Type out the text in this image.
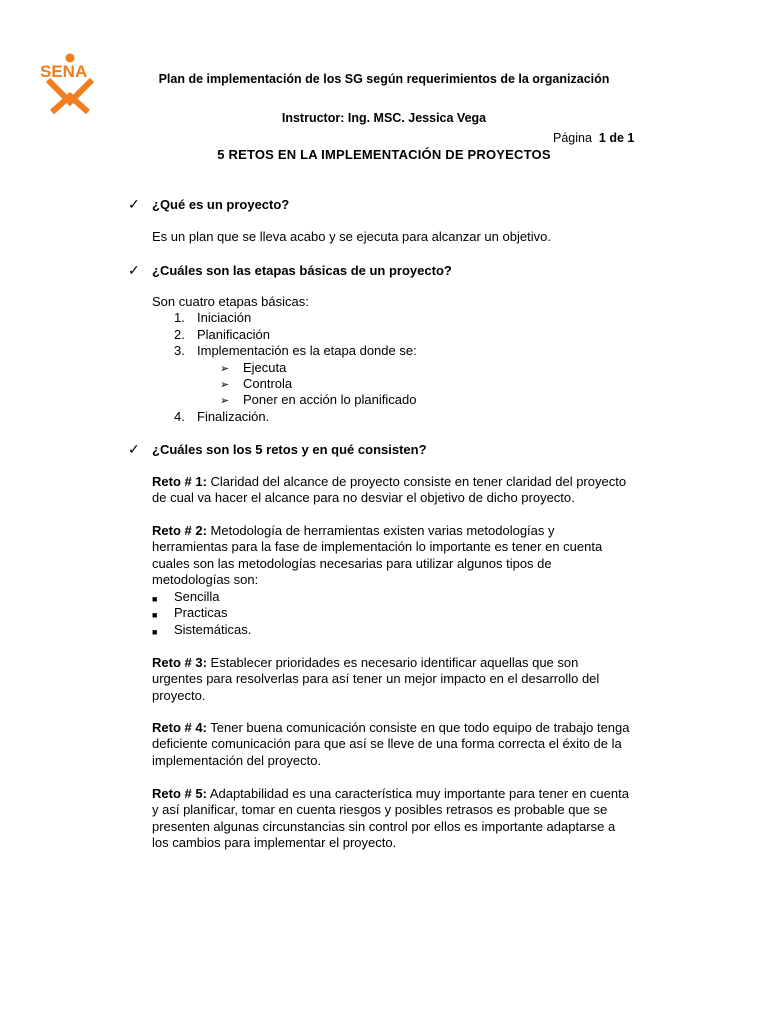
SENA	Plan de implementación de los SG según requerimientos de la organización
Instructor: Ing. MSC. Jessica Vega
Página 1 de 1
5 RETOS EN LA IMPLEMENTACIÓN DE PROYECTOS
✓ ¿Qué es un proyecto?
Es un plan que se lleva acabo y se ejecuta para alcanzar un objetivo.
✓ ¿Cuáles son las etapas básicas de un proyecto?
Son cuatro etapas básicas:
1. Iniciación
2. Planificación
3. Implementación es la etapa donde se:
➢ Ejecuta
➢ Controla
➢ Poner en acción lo planificado
4. Finalización.
✓ ¿Cuáles son los 5 retos y en qué consisten?
Reto # 1: Claridad del alcance de proyecto consiste en tener claridad del proyecto
de cual va hacer el alcance para no desviar el objetivo de dicho proyecto.
Reto # 2: Metodología de herramientas existen varias metodologías y
herramientas para la fase de implementación lo importante es tener en cuenta
cuales son las metodologías necesarias para utilizar algunos tipos de
metodologías son:
■ Sencilla
■ Practicas
■ Sistemáticas.
Reto # 3: Establecer prioridades es necesario identificar aquellas que son
urgentes para resolverlas para así tener un mejor impacto en el desarrollo del
proyecto.
Reto # 4: Tener buena comunicación consiste en que todo equipo de trabajo tenga
deficiente comunicación para que así se lleve de una forma correcta el éxito de la
implementación del proyecto.
Reto # 5: Adaptabilidad es una característica muy importante para tener en cuenta
y así planificar, tomar en cuenta riesgos y posibles retrasos es probable que se
presenten algunas circunstancias sin control por ellos es importante adaptarse a
los cambios para implementar el proyecto.
